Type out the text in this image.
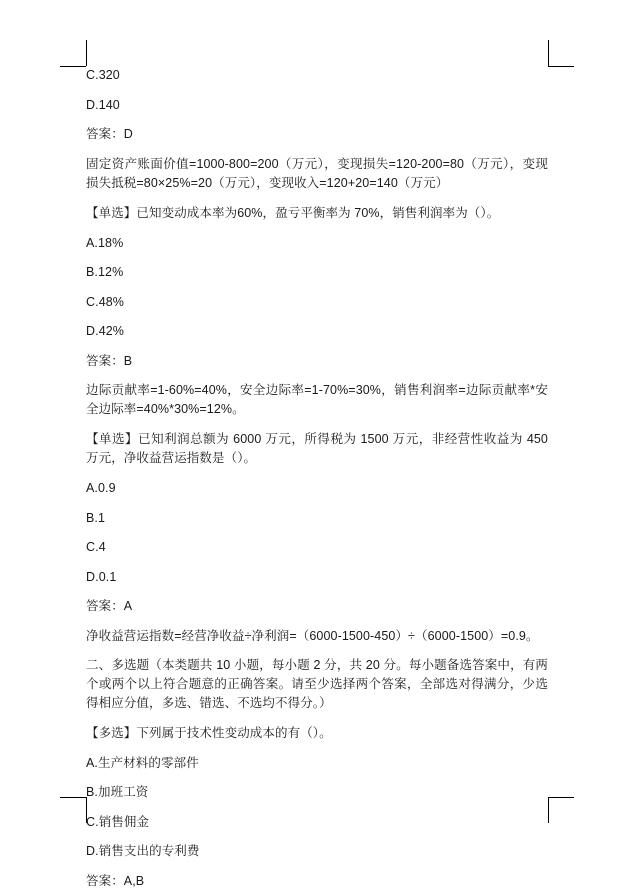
C.320

D.140

答案：D

固定资产账面价值=1000-800=200（万元），变现损失=120-200=80（万元），变现损失抵税=80×25%=20（万元），变现收入=120+20=140（万元）

【单选】已知变动成本率为60%，盈亏平衡率为 70%，销售利润率为（）。

A.18%

B.12%

C.48%

D.42%

答案：B

边际贡献率=1-60%=40%，安全边际率=1-70%=30%，销售利润率=边际贡献率*安全边际率=40%*30%=12%。

【单选】已知利润总额为 6000 万元，所得税为 1500 万元，非经营性收益为 450 万元，净收益营运指数是（）。

A.0.9

B.1

C.4

D.0.1

答案：A

净收益营运指数=经营净收益÷净利润=（6000-1500-450）÷（6000-1500）=0.9。

二、多选题（本类题共 10 小题，每小题 2 分，共 20 分。每小题备选答案中，有两个或两个以上符合题意的正确答案。请至少选择两个答案，全部选对得满分，少选得相应分值，多选、错选、不选均不得分。）

【多选】下列属于技术性变动成本的有（）。

A.生产材料的零部件

B.加班工资

C.销售佣金

D.销售支出的专利费

答案：A,B
